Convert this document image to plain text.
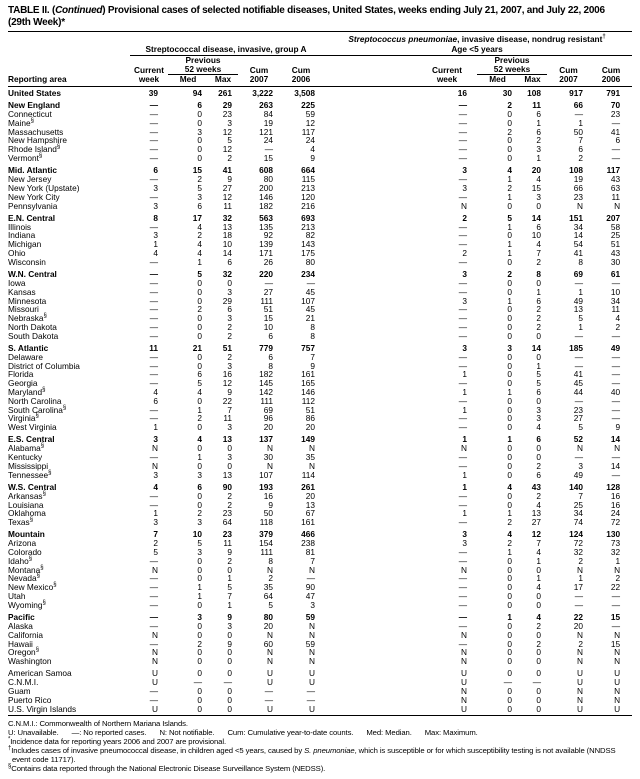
TABLE II. (Continued) Provisional cases of selected notifiable diseases, United States, weeks ending July 21, 2007, and July 22, 2006
(29th Week)*
Reporting area	Streptococcal disease, invasive, group A					Streptococcus pneumoniae, invasive disease, nondrug resistant†
Age <5 years					

	Current
week	Previous
52 weeks		Cum
2007	Cum
2006		Current
week	Previous
52 weeks		Cum
2007	Cum
2006
		Med	Max					Med	Max		
United States	39	94	261	3,222	3,508		16	30	108	917	791
New England	—	6	29	263	225		—	2	11	66	70
Connecticut	—	0	23	84	59		—	0	6	—	23
Maine§	—	0	3	19	12		—	0	1	1	—
Massachusetts	—	3	12	121	117		—	2	6	50	41
New Hampshire	—	0	5	24	24		—	0	2	7	6
Rhode Island§	—	0	12	—	4		—	0	3	6	—
Vermont§	—	0	2	15	9		—	0	1	2	—
Mid. Atlantic	6	15	41	608	664		3	4	20	108	117
New Jersey	—	2	9	80	115		—	1	4	19	43
New York (Upstate)	3	5	27	200	213		3	2	15	66	63
New York City	—	3	12	146	120		—	1	3	23	11
Pennsylvania	3	6	11	182	216		N	0	0	N	N
E.N. Central	8	17	32	563	693		2	5	14	151	207
Illinois	—	4	13	135	213		—	1	6	34	58
Indiana	3	2	18	92	82		—	0	10	14	25
Michigan	1	4	10	139	143		—	1	4	54	51
Ohio	4	4	14	171	175		2	1	7	41	43
Wisconsin	—	1	6	26	80		—	0	2	8	30
W.N. Central	—	5	32	220	234		3	2	8	69	61
Iowa	—	0	0	—	—		—	0	0	—	—
Kansas	—	0	3	27	45		—	0	1	1	10
Minnesota	—	0	29	111	107		3	1	6	49	34
Missouri	—	2	6	51	45		—	0	2	13	11
Nebraska§	—	0	3	15	21		—	0	2	5	4
North Dakota	—	0	2	10	8		—	0	2	1	2
South Dakota	—	0	2	6	8		—	0	0	—	—
S. Atlantic	11	21	51	779	757		3	3	14	185	49
Delaware	—	0	2	6	7		—	0	0	—	—
District of Columbia	—	0	3	8	9		—	0	1	—	—
Florida	—	6	16	182	161		1	0	5	41	—
Georgia	—	5	12	145	165		—	0	5	45	—
Maryland§	4	4	9	142	146		1	1	6	44	40
North Carolina	6	0	22	111	112		—	0	0	—	—
South Carolina§	—	1	7	69	51		1	0	3	23	—
Virginia§	—	2	11	96	86		—	0	3	27	—
West Virginia	1	0	3	20	20		—	0	4	5	9
E.S. Central	3	4	13	137	149		1	1	6	52	14
Alabama§	N	0	0	N	N		N	0	0	N	N
Kentucky	—	1	3	30	35		—	0	0	—	—
Mississippi	N	0	0	N	N		—	0	2	3	14
Tennessee§	3	3	13	107	114		1	0	6	49	—
W.S. Central	4	6	90	193	261		1	4	43	140	128
Arkansas§	—	0	2	16	20		—	0	2	7	16
Louisiana	—	0	2	9	13		—	0	4	25	16
Oklahoma	1	2	23	50	67		1	1	13	34	24
Texas§	3	3	64	118	161		—	2	27	74	72
Mountain	7	10	23	379	466		3	4	12	124	130
Arizona	2	5	11	154	238		3	2	7	72	73
Colorado	5	3	9	111	81		—	1	4	32	32
Idaho§	—	0	2	8	7		—	0	1	2	1
Montana§	N	0	0	N	N		N	0	0	N	N
Nevada§	—	0	1	2	—		—	0	1	1	2
New Mexico§	—	1	5	35	90		—	0	4	17	22
Utah	—	1	7	64	47		—	0	0	—	—
Wyoming§	—	0	1	5	3		—	0	0	—	—
Pacific	—	3	9	80	59		—	1	4	22	15
Alaska	—	0	3	20	N		—	0	2	20	—
California	N	0	0	N	N		N	0	0	N	N
Hawaii	—	2	9	60	59		—	0	2	2	15
Oregon§	N	0	0	N	N		N	0	0	N	N
Washington	N	0	0	N	N		N	0	0	N	N
American Samoa	U	0	0	U	U		U	0	0	U	U
C.N.M.I.	U	—	—	U	U		U	—	—	U	U
Guam	—	0	0	—	—		N	0	0	N	N
Puerto Rico	—	0	0	—	—		N	0	0	N	N
U.S. Virgin Islands	U	0	0	U	U		U	0	0	U	U
C.N.M.I.: Commonwealth of Northern Mariana Islands.
U: Unavailable. —: No reported cases. N: Not notifiable. Cum: Cumulative year-to-date counts. Med: Median. Max: Maximum.
*Incidence data for reporting years 2006 and 2007 are provisional.
†Includes cases of invasive pneumococcal disease, in children aged <5 years, caused by S. pneumoniae, which is susceptible or for which susceptibility testing is not available (NNDSS event code 11717).
§Contains data reported through the National Electronic Disease Surveillance System (NEDSS).
